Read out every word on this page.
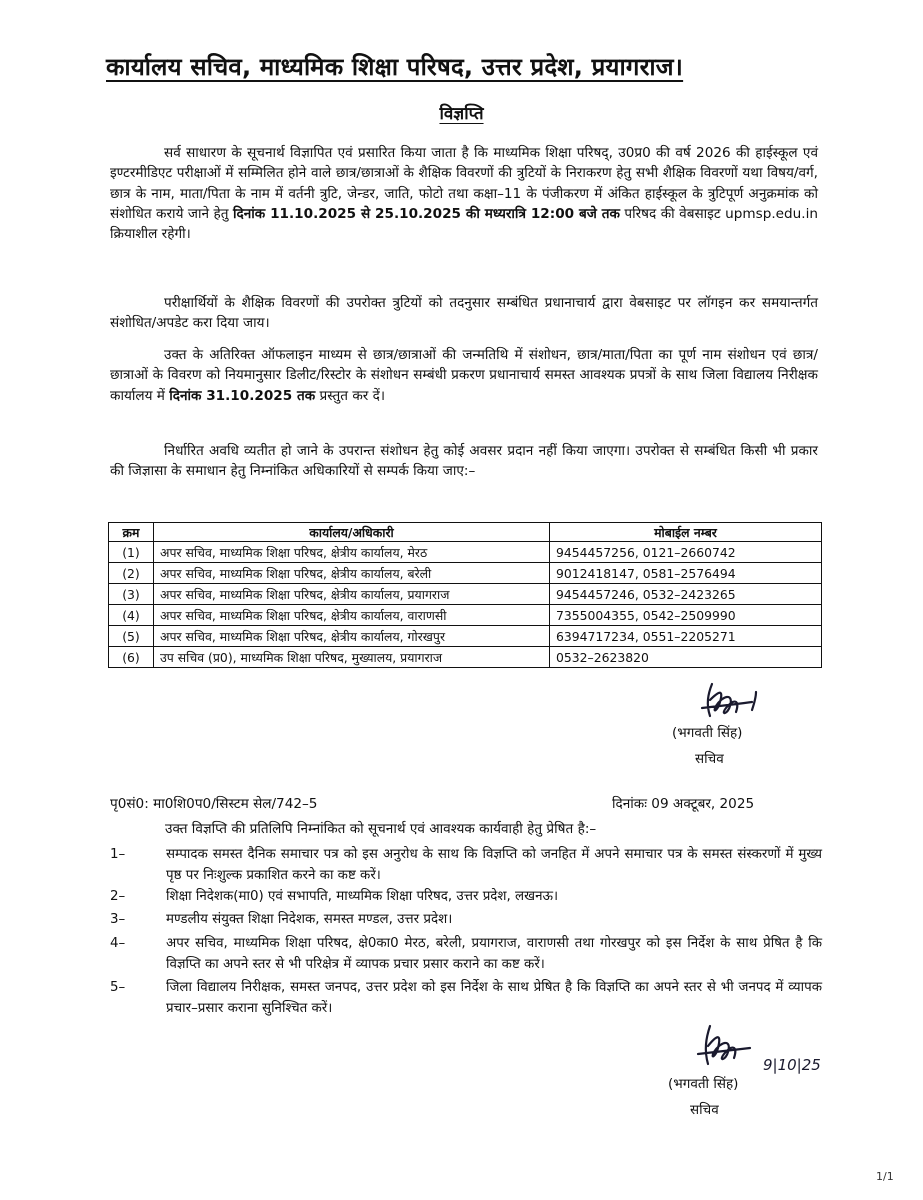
कार्यालय सचिव, माध्यमिक शिक्षा परिषद, उत्तर प्रदेश, प्रयागराज।
विज्ञप्ति
सर्व साधारण के सूचनार्थ विज्ञापित एवं प्रसारित किया जाता है कि माध्यमिक शिक्षा परिषद्, उ0प्र0 की वर्ष 2026 की हाईस्कूल एवं इण्टरमीडिएट परीक्षाओं में सम्मिलित होने वाले छात्र/छात्राओं के शैक्षिक विवरणों की त्रुटियों के निराकरण हेतु सभी शैक्षिक विवरणों यथा विषय/वर्ग, छात्र के नाम, माता/पिता के नाम में वर्तनी त्रुटि, जेन्डर, जाति, फोटो तथा कक्षा–11 के पंजीकरण में अंकित हाईस्कूल के त्रुटिपूर्ण अनुक्रमांक को संशोधित कराये जाने हेतु दिनांक 11.10.2025 से 25.10.2025 की मध्यरात्रि 12:00 बजे तक परिषद की वेबसाइट upmsp.edu.in क्रियाशील रहेगी।
परीक्षार्थियों के शैक्षिक विवरणों की उपरोक्त त्रुटियों को तदनुसार सम्बंधित प्रधानाचार्य द्वारा वेबसाइट पर लॉगइन कर समयान्तर्गत संशोधित/अपडेट करा दिया जाय।
उक्त के अतिरिक्त ऑफलाइन माध्यम से छात्र/छात्राओं की जन्मतिथि में संशोधन, छात्र/माता/पिता का पूर्ण नाम संशोधन एवं छात्र/छात्राओं के विवरण को नियमानुसार डिलीट/रिस्टोर के संशोधन सम्बंधी प्रकरण प्रधानाचार्य समस्त आवश्यक प्रपत्रों के साथ जिला विद्यालय निरीक्षक कार्यालय में दिनांक 31.10.2025 तक प्रस्तुत कर दें।
निर्धारित अवधि व्यतीत हो जाने के उपरान्त संशोधन हेतु कोई अवसर प्रदान नहीं किया जाएगा। उपरोक्त से सम्बंधित किसी भी प्रकार की जिज्ञासा के समाधान हेतु निम्नांकित अधिकारियों से सम्पर्क किया जाए:–
क्रम	कार्यालय/अधिकारी	मोबाईल नम्बर
(1)	अपर सचिव, माध्यमिक शिक्षा परिषद, क्षेत्रीय कार्यालय, मेरठ	9454457256, 0121–2660742
(2)	अपर सचिव, माध्यमिक शिक्षा परिषद, क्षेत्रीय कार्यालय, बरेली	9012418147, 0581–2576494
(3)	अपर सचिव, माध्यमिक शिक्षा परिषद, क्षेत्रीय कार्यालय, प्रयागराज	9454457246, 0532–2423265
(4)	अपर सचिव, माध्यमिक शिक्षा परिषद, क्षेत्रीय कार्यालय, वाराणसी	7355004355, 0542–2509990
(5)	अपर सचिव, माध्यमिक शिक्षा परिषद, क्षेत्रीय कार्यालय, गोरखपुर	6394717234, 0551–2205271
(6)	उप सचिव (प्र0), माध्यमिक शिक्षा परिषद, मुख्यालय, प्रयागराज	0532–2623820
(भगवती सिंह)
सचिव
पृ0सं0: मा0शि0प0/सिस्टम सेल/742–5	दिनांकः 09 अक्टूबर, 2025
उक्त विज्ञप्ति की प्रतिलिपि निम्नांकित को सूचनार्थ एवं आवश्यक कार्यवाही हेतु प्रेषित है:–
1–	सम्पादक समस्त दैनिक समाचार पत्र को इस अनुरोध के साथ कि विज्ञप्ति को जनहित में अपने समाचार पत्र के समस्त संस्करणों में मुख्य पृष्ठ पर निःशुल्क प्रकाशित करने का कष्ट करें।
2–	शिक्षा निदेशक(मा0) एवं सभापति, माध्यमिक शिक्षा परिषद, उत्तर प्रदेश, लखनऊ।
3–	मण्डलीय संयुक्त शिक्षा निदेशक, समस्त मण्डल, उत्तर प्रदेश।
4–	अपर सचिव, माध्यमिक शिक्षा परिषद, क्षे0का0 मेरठ, बरेली, प्रयागराज, वाराणसी तथा गोरखपुर को इस निर्देश के साथ प्रेषित है कि विज्ञप्ति का अपने स्तर से भी परिक्षेत्र में व्यापक प्रचार प्रसार कराने का कष्ट करें।
5–	जिला विद्यालय निरीक्षक, समस्त जनपद, उत्तर प्रदेश को इस निर्देश के साथ प्रेषित है कि विज्ञप्ति का अपने स्तर से भी जनपद में व्यापक प्रचार–प्रसार कराना सुनिश्चित करें।
9|10|25
(भगवती सिंह)
सचिव
1/1
